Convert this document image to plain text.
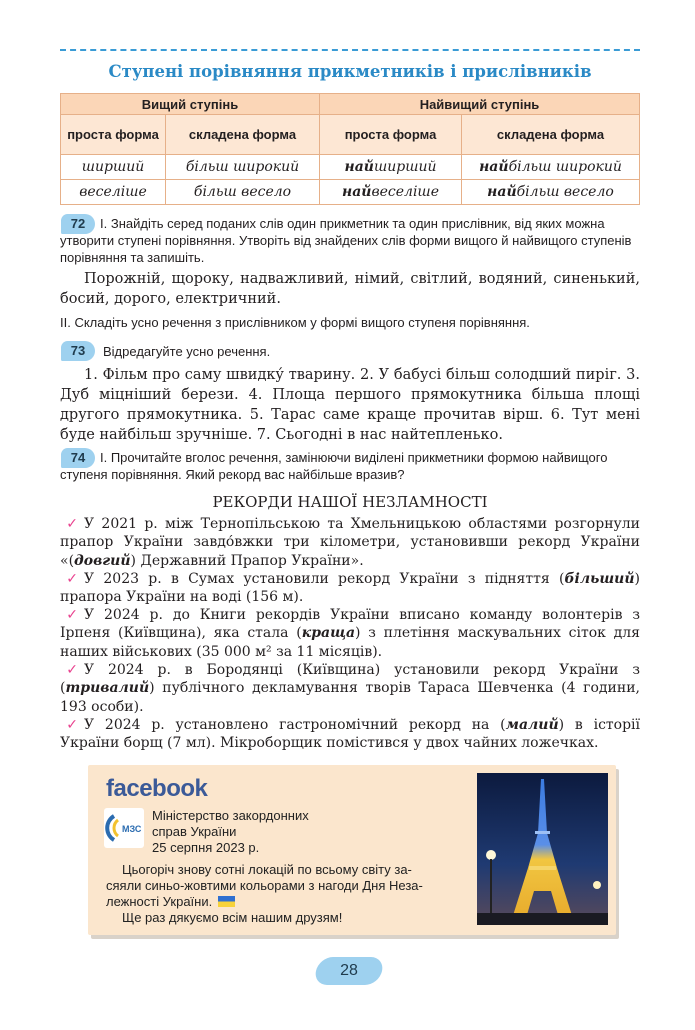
Ступені порівняння прикметників і прислівників
Вищий ступінь		Найвищий ступінь	
проста форма	складена форма	проста форма	складена форма
ширший	більш широкий	найширший	найбільш широкий
веселіше	більш весело	найвеселіше	найбільш весело
72	І. Знайдіть серед поданих слів один прикметник та один прислівник, від яких можна утворити ступені порівняння. Утворіть від знайдених слів форми вищого й найвищого ступенів порівняння та запишіть.
Порожній, щороку, надважливий, німий, світлий, водяний, синенький, босий, дорого, електричний.
ІІ. Складіть усно речення з прислівником у формі вищого ступеня порівняння.
73	Відредагуйте усно речення.
1. Фільм про саму швидку́ тварину. 2. У бабусі більш солодший пиріг. 3. Дуб міцніший берези. 4. Площа першого прямокутника більша площі другого прямокутника. 5. Тарас саме краще прочитав вірш. 6. Тут мені буде найбільш зручніше. 7. Сьогодні в нас найтепленько.
74	І. Прочитайте вголос речення, замінюючи виділені прикметники формою найвищого ступеня порівняння. Який рекорд вас найбільше вразив?
РЕКОРДИ НАШОЇ НЕЗЛАМНОСТІ
✓ У 2021 р. між Тернопільською та Хмельницькою областями розгорнули прапор України завдо́вжки три кілометри, установивши рекорд України «(довгий) Державний Прапор України».
✓ У 2023 р. в Сумах установили рекорд України з підняття (більший) прапора України на воді (156 м).
✓ У 2024 р. до Книги рекордів України вписано команду волонтерів з Ірпеня (Київщина), яка стала (краща) з плетіння маскувальних сіток для наших військових (35 000 м² за 11 місяців).
✓ У 2024 р. в Бородянці (Київщина) установили рекорд України з (тривалий) публічного декламування творів Тараса Шевченка (4 години, 193 особи).
✓ У 2024 р. установлено гастрономічний рекорд на (малий) в історії України борщ (7 мл). Мікроборщик помістився у двох чайних ложечках.
facebook
МЗС
Міністерство закордонних
справ України
25 серпня 2023 р.
Цьогоріч знову сотні локацій по всьому світу за-
сяяли синьо-жовтими кольорами з нагоди Дня Неза-
лежності України.
Ще раз дякуємо всім нашим друзям!
28
